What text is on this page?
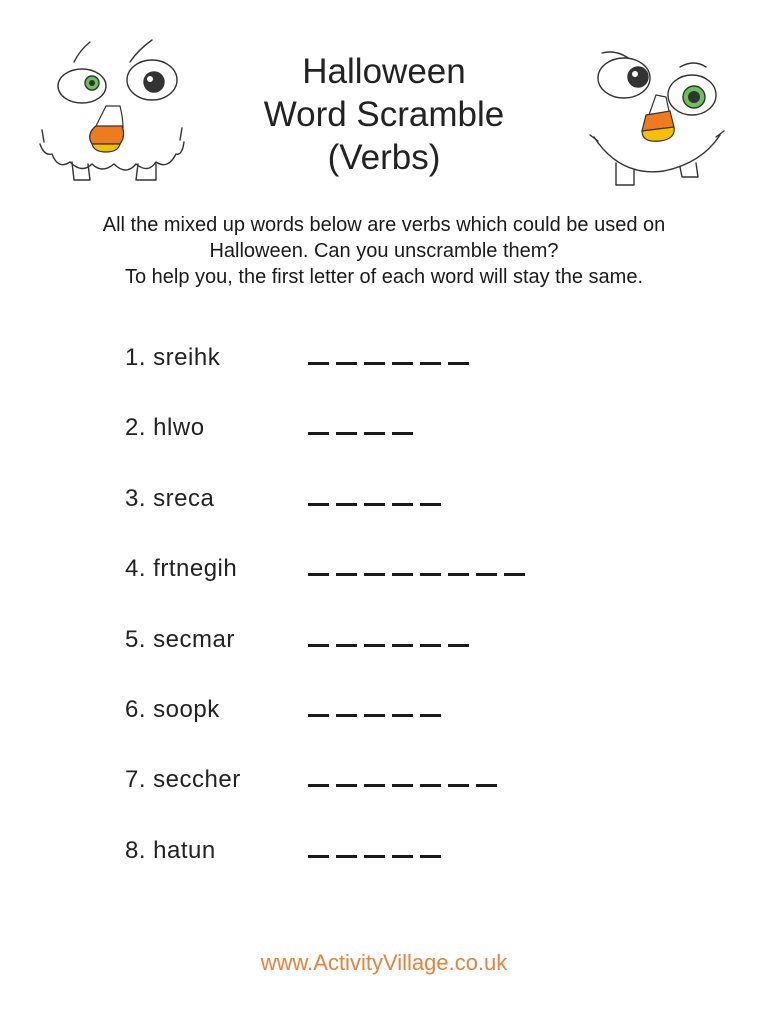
Halloween
Word Scramble
(Verbs)
All the mixed up words below are verbs which could be used on
Halloween. Can you unscramble them?
To help you, the first letter of each word will stay the same.
1. sreihk
2. hlwo
3. sreca
4. frtnegih
5. secmar
6. soopk
7. seccher
8. hatun
www.ActivityVillage.co.uk
